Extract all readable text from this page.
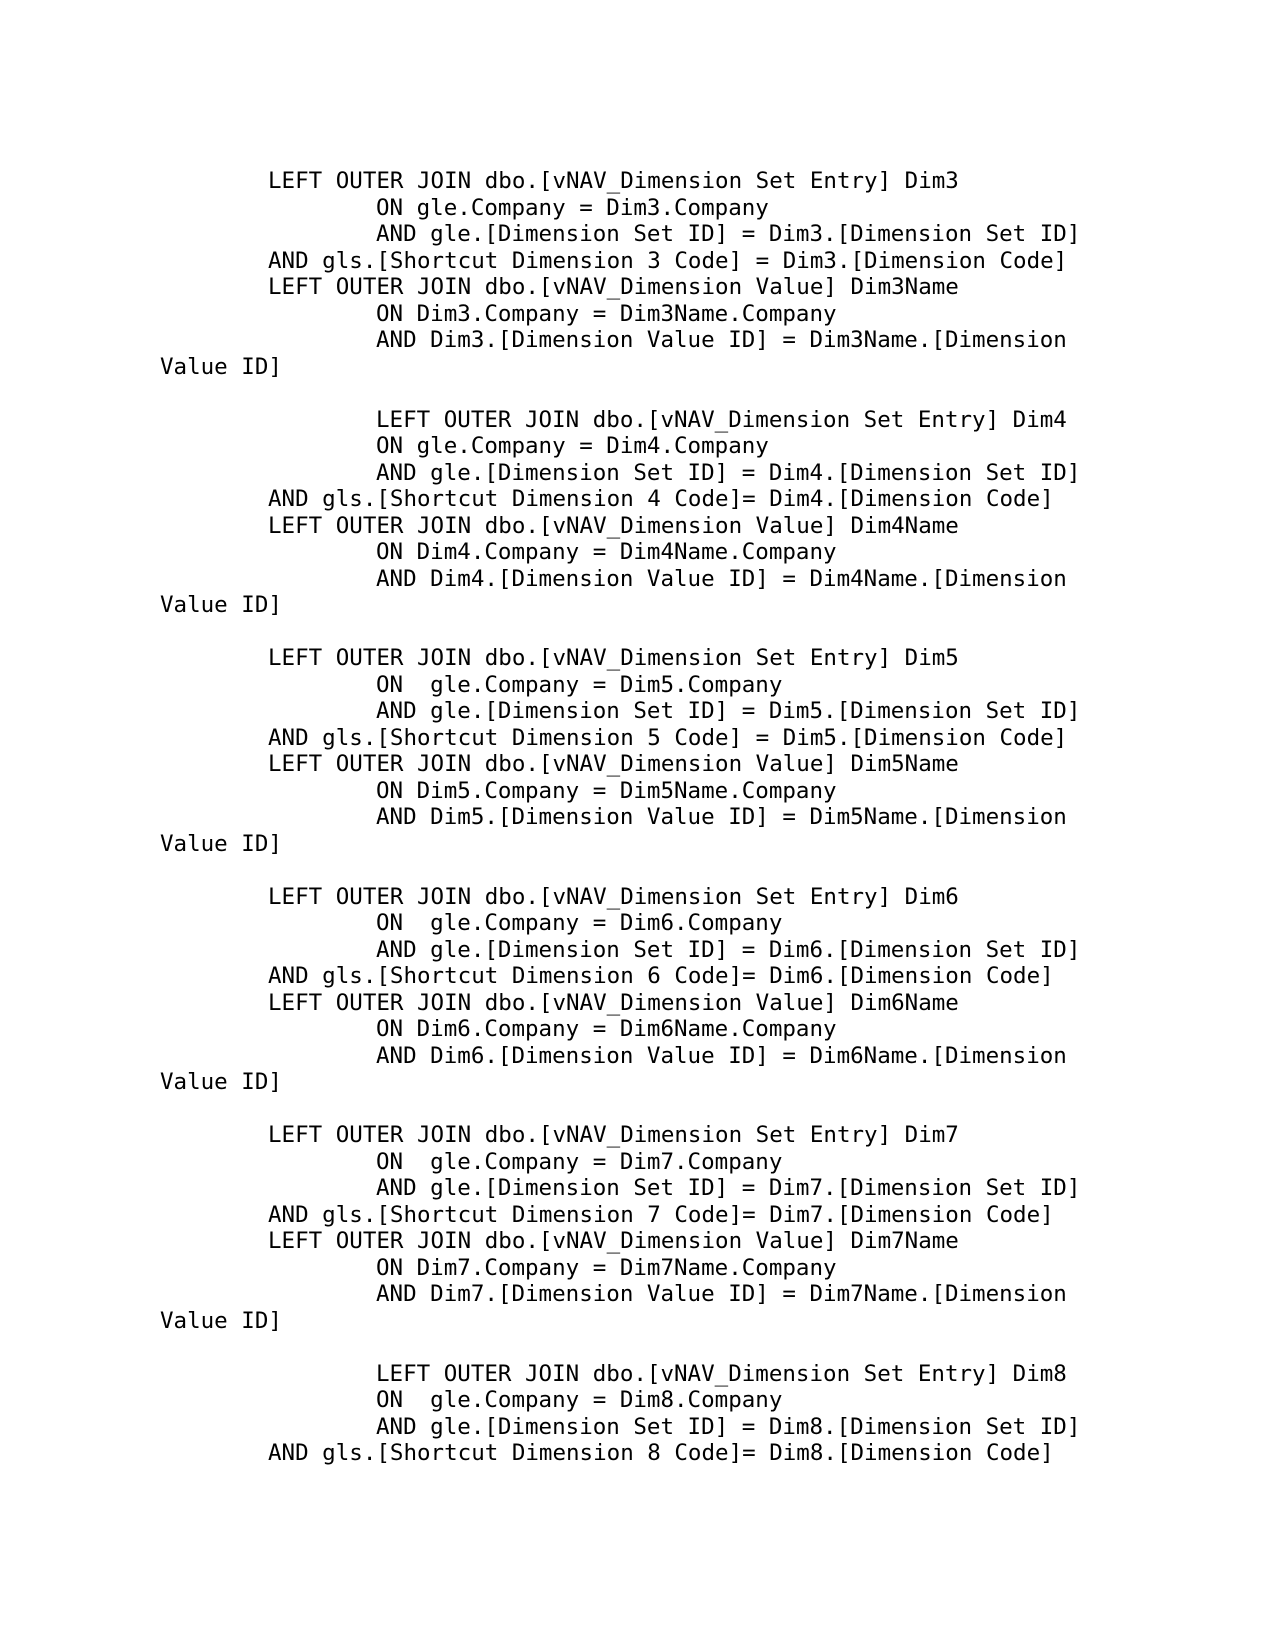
LEFT OUTER JOIN dbo.[vNAV_Dimension Set Entry] Dim3
ON gle.Company = Dim3.Company
AND gle.[Dimension Set ID] = Dim3.[Dimension Set ID]
AND gls.[Shortcut Dimension 3 Code] = Dim3.[Dimension Code]
LEFT OUTER JOIN dbo.[vNAV_Dimension Value] Dim3Name
ON Dim3.Company = Dim3Name.Company
AND Dim3.[Dimension Value ID] = Dim3Name.[Dimension
Value ID]
LEFT OUTER JOIN dbo.[vNAV_Dimension Set Entry] Dim4
ON gle.Company = Dim4.Company
AND gle.[Dimension Set ID] = Dim4.[Dimension Set ID]
AND gls.[Shortcut Dimension 4 Code]= Dim4.[Dimension Code]
LEFT OUTER JOIN dbo.[vNAV_Dimension Value] Dim4Name
ON Dim4.Company = Dim4Name.Company
AND Dim4.[Dimension Value ID] = Dim4Name.[Dimension
Value ID]
LEFT OUTER JOIN dbo.[vNAV_Dimension Set Entry] Dim5
ON  gle.Company = Dim5.Company
AND gle.[Dimension Set ID] = Dim5.[Dimension Set ID]
AND gls.[Shortcut Dimension 5 Code] = Dim5.[Dimension Code]
LEFT OUTER JOIN dbo.[vNAV_Dimension Value] Dim5Name
ON Dim5.Company = Dim5Name.Company
AND Dim5.[Dimension Value ID] = Dim5Name.[Dimension
Value ID]
LEFT OUTER JOIN dbo.[vNAV_Dimension Set Entry] Dim6
ON  gle.Company = Dim6.Company
AND gle.[Dimension Set ID] = Dim6.[Dimension Set ID]
AND gls.[Shortcut Dimension 6 Code]= Dim6.[Dimension Code]
LEFT OUTER JOIN dbo.[vNAV_Dimension Value] Dim6Name
ON Dim6.Company = Dim6Name.Company
AND Dim6.[Dimension Value ID] = Dim6Name.[Dimension
Value ID]
LEFT OUTER JOIN dbo.[vNAV_Dimension Set Entry] Dim7
ON  gle.Company = Dim7.Company
AND gle.[Dimension Set ID] = Dim7.[Dimension Set ID]
AND gls.[Shortcut Dimension 7 Code]= Dim7.[Dimension Code]
LEFT OUTER JOIN dbo.[vNAV_Dimension Value] Dim7Name
ON Dim7.Company = Dim7Name.Company
AND Dim7.[Dimension Value ID] = Dim7Name.[Dimension
Value ID]
LEFT OUTER JOIN dbo.[vNAV_Dimension Set Entry] Dim8
ON  gle.Company = Dim8.Company
AND gle.[Dimension Set ID] = Dim8.[Dimension Set ID]
AND gls.[Shortcut Dimension 8 Code]= Dim8.[Dimension Code]
